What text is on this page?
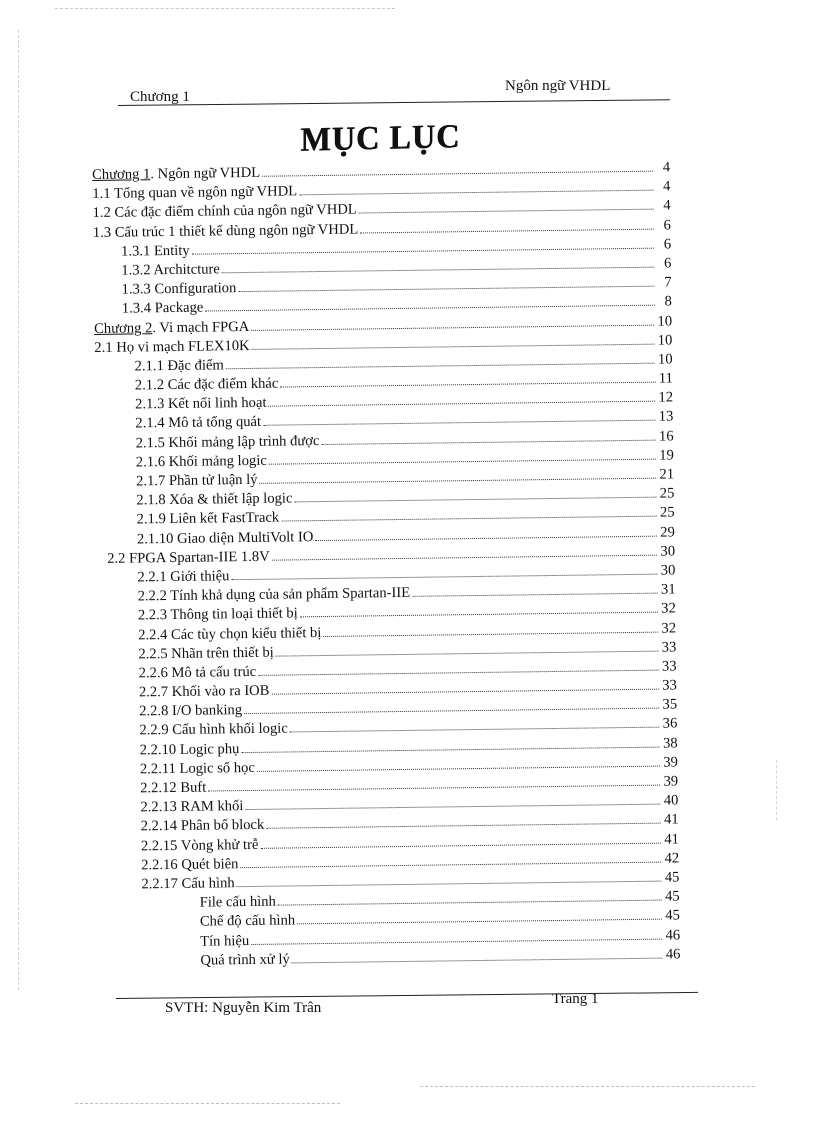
Chương 1
Ngôn ngữ VHDL
MỤC LỤC
Chương 1. Ngôn ngữ VHDL	4
1.1 Tổng quan về ngôn ngữ VHDL	4
1.2 Các đặc điểm chính của ngôn ngữ VHDL	4
1.3 Cấu trúc 1 thiết kế dùng ngôn ngữ VHDL	6
1.3.1 Entity	6
1.3.2 Architcture	6
1.3.3 Configuration	7
1.3.4 Package	8
Chương 2. Vi mạch FPGA	10
2.1 Họ vi mạch FLEX10K	10
2.1.1 Đặc điểm	10
2.1.2 Các đặc điểm khác	11
2.1.3 Kết nối linh hoạt	12
2.1.4 Mô tả tổng quát	13
2.1.5 Khối mảng lập trình được	16
2.1.6 Khối mảng logic	19
2.1.7 Phần tử luận lý	21
2.1.8 Xóa & thiết lập logic	25
2.1.9 Liên kết FastTrack	25
2.1.10 Giao diện MultiVolt IO	29
2.2 FPGA Spartan-IIE 1.8V	30
2.2.1 Giới thiệu	30
2.2.2 Tính khả dụng của sản phẩm Spartan-IIE	31
2.2.3 Thông tin loại thiết bị	32
2.2.4 Các tùy chọn kiểu thiết bị	32
2.2.5 Nhãn trên thiết bị	33
2.2.6 Mô tả cấu trúc	33
2.2.7 Khối vào ra IOB	33
2.2.8 I/O banking	35
2.2.9 Cấu hình khối logic	36
2.2.10 Logic phụ	38
2.2.11 Logic số học	39
2.2.12 Buft	39
2.2.13 RAM khối	40
2.2.14 Phân bố block	41
2.2.15 Vòng khử trễ	41
2.2.16 Quét biên	42
2.2.17 Cấu hình	45
File cấu hình	45
Chế độ cấu hình	45
Tín hiệu	46
Quá trình xử lý	46
SVTH: Nguyễn Kim Trân
Trang 1
